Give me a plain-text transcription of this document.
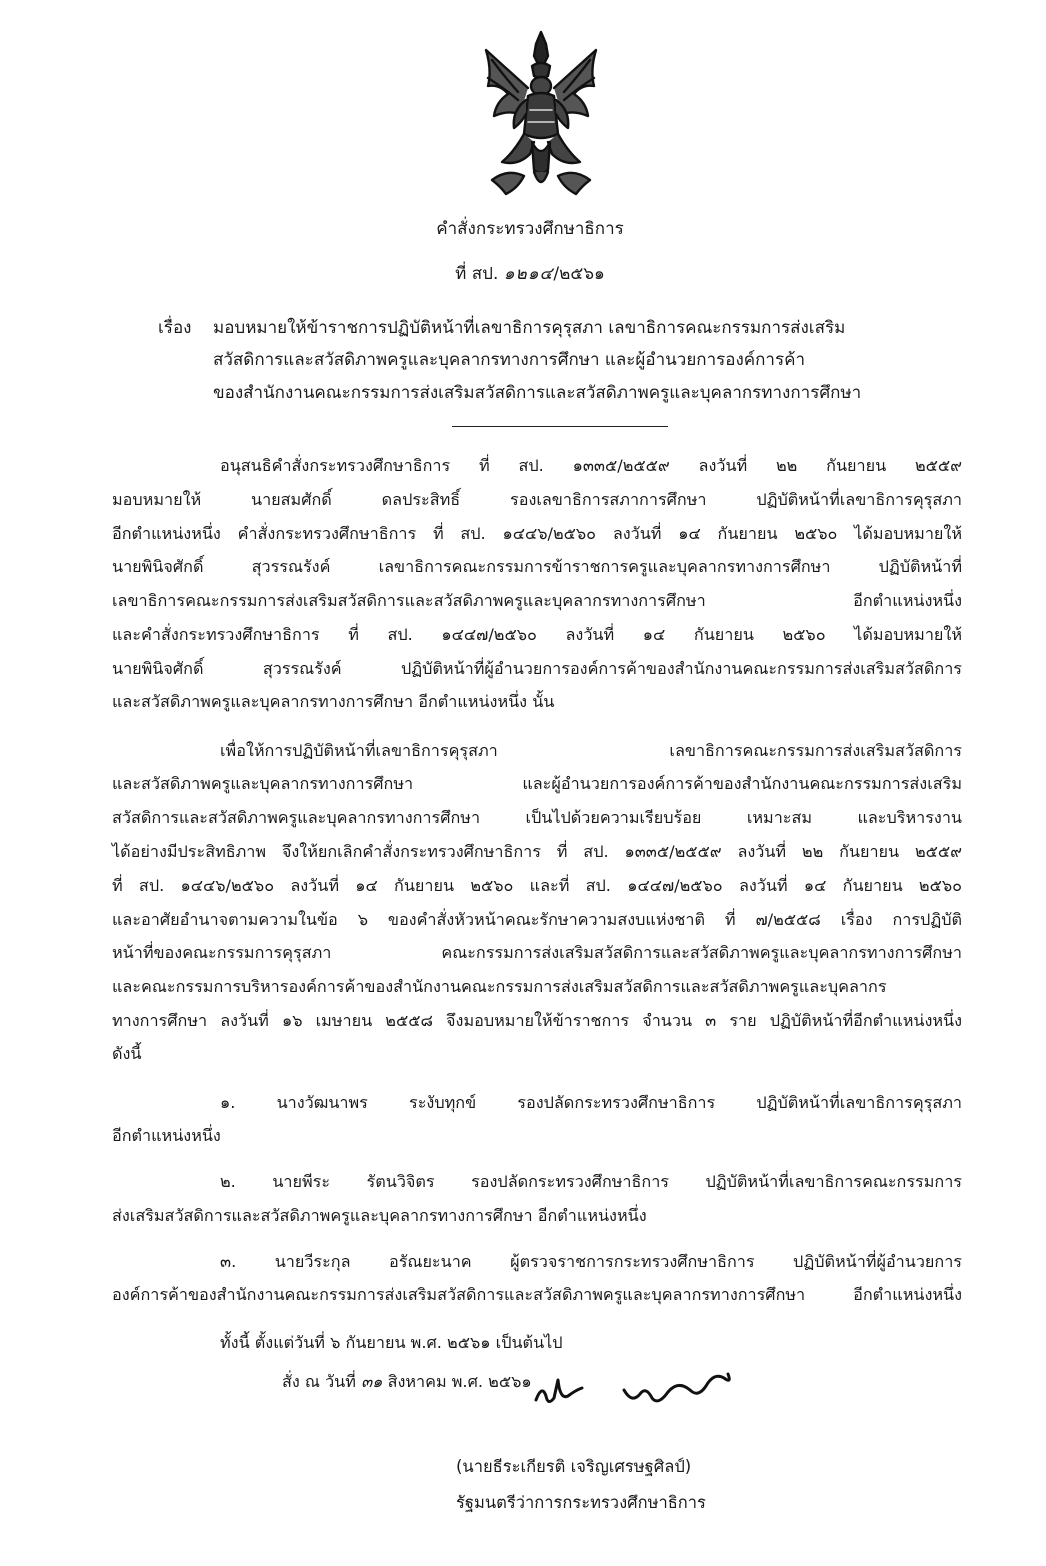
คำสั่งกระทรวงศึกษาธิการ
ที่ สป. ๑๒๑๔/๒๕๖๑
เรื่อง มอบหมายให้ข้าราชการปฏิบัติหน้าที่เลขาธิการคุรุสภา เลขาธิการคณะกรรมการส่งเสริม
สวัสดิการและสวัสดิภาพครูและบุคลากรทางการศึกษา และผู้อำนวยการองค์การค้า
ของสำนักงานคณะกรรมการส่งเสริมสวัสดิการและสวัสดิภาพครูและบุคลากรทางการศึกษา
อนุสนธิคำสั่งกระทรวงศึกษาธิการ ที่ สป. ๑๓๓๕/๒๕๕๙ ลงวันที่ ๒๒ กันยายน ๒๕๕๙
มอบหมายให้ นายสมศักดิ์ ดลประสิทธิ์ รองเลขาธิการสภาการศึกษา ปฏิบัติหน้าที่เลขาธิการคุรุสภา
อีกตำแหน่งหนึ่ง คำสั่งกระทรวงศึกษาธิการ ที่ สป. ๑๔๔๖/๒๕๖๐ ลงวันที่ ๑๔ กันยายน ๒๕๖๐ ได้มอบหมายให้
นายพินิจศักดิ์ สุวรรณรังค์ เลขาธิการคณะกรรมการข้าราชการครูและบุคลากรทางการศึกษา ปฏิบัติหน้าที่
เลขาธิการคณะกรรมการส่งเสริมสวัสดิการและสวัสดิภาพครูและบุคลากรทางการศึกษา อีกตำแหน่งหนึ่ง
และคำสั่งกระทรวงศึกษาธิการ ที่ สป. ๑๔๔๗/๒๕๖๐ ลงวันที่ ๑๔ กันยายน ๒๕๖๐ ได้มอบหมายให้
นายพินิจศักดิ์ สุวรรณรังค์ ปฏิบัติหน้าที่ผู้อำนวยการองค์การค้าของสำนักงานคณะกรรมการส่งเสริมสวัสดิการ
และสวัสดิภาพครูและบุคลากรทางการศึกษา อีกตำแหน่งหนึ่ง นั้น
เพื่อให้การปฏิบัติหน้าที่เลขาธิการคุรุสภา เลขาธิการคณะกรรมการส่งเสริมสวัสดิการ
และสวัสดิภาพครูและบุคลากรทางการศึกษา และผู้อำนวยการองค์การค้าของสำนักงานคณะกรรมการส่งเสริม
สวัสดิการและสวัสดิภาพครูและบุคลากรทางการศึกษา เป็นไปด้วยความเรียบร้อย เหมาะสม และบริหารงาน
ได้อย่างมีประสิทธิภาพ จึงให้ยกเลิกคำสั่งกระทรวงศึกษาธิการ ที่ สป. ๑๓๓๕/๒๕๕๙ ลงวันที่ ๒๒ กันยายน ๒๕๕๙
ที่ สป. ๑๔๔๖/๒๕๖๐ ลงวันที่ ๑๔ กันยายน ๒๕๖๐ และที่ สป. ๑๔๔๗/๒๕๖๐ ลงวันที่ ๑๔ กันยายน ๒๕๖๐
และอาศัยอำนาจตามความในข้อ ๖ ของคำสั่งหัวหน้าคณะรักษาความสงบแห่งชาติ ที่ ๗/๒๕๕๘ เรื่อง การปฏิบัติ
หน้าที่ของคณะกรรมการคุรุสภา คณะกรรมการส่งเสริมสวัสดิการและสวัสดิภาพครูและบุคลากรทางการศึกษา
และคณะกรรมการบริหารองค์การค้าของสำนักงานคณะกรรมการส่งเสริมสวัสดิการและสวัสดิภาพครูและบุคลากร
ทางการศึกษา ลงวันที่ ๑๖ เมษายน ๒๕๕๘ จึงมอบหมายให้ข้าราชการ จำนวน ๓ ราย ปฏิบัติหน้าที่อีกตำแหน่งหนึ่ง
ดังนี้
๑. นางวัฒนาพร ระงับทุกข์ รองปลัดกระทรวงศึกษาธิการ ปฏิบัติหน้าที่เลขาธิการคุรุสภา
อีกตำแหน่งหนึ่ง
๒. นายพีระ รัตนวิจิตร รองปลัดกระทรวงศึกษาธิการ ปฏิบัติหน้าที่เลขาธิการคณะกรรมการ
ส่งเสริมสวัสดิการและสวัสดิภาพครูและบุคลากรทางการศึกษา อีกตำแหน่งหนึ่ง
๓. นายวีระกุล อรัณยะนาค ผู้ตรวจราชการกระทรวงศึกษาธิการ ปฏิบัติหน้าที่ผู้อำนวยการ
องค์การค้าของสำนักงานคณะกรรมการส่งเสริมสวัสดิการและสวัสดิภาพครูและบุคลากรทางการศึกษา อีกตำแหน่งหนึ่ง
ทั้งนี้ ตั้งแต่วันที่ ๖ กันยายน พ.ศ. ๒๕๖๑ เป็นต้นไป
สั่ง ณ วันที่ ๓๑ สิงหาคม พ.ศ. ๒๕๖๑
(นายธีระเกียรติ เจริญเศรษฐศิลป์)
รัฐมนตรีว่าการกระทรวงศึกษาธิการ
